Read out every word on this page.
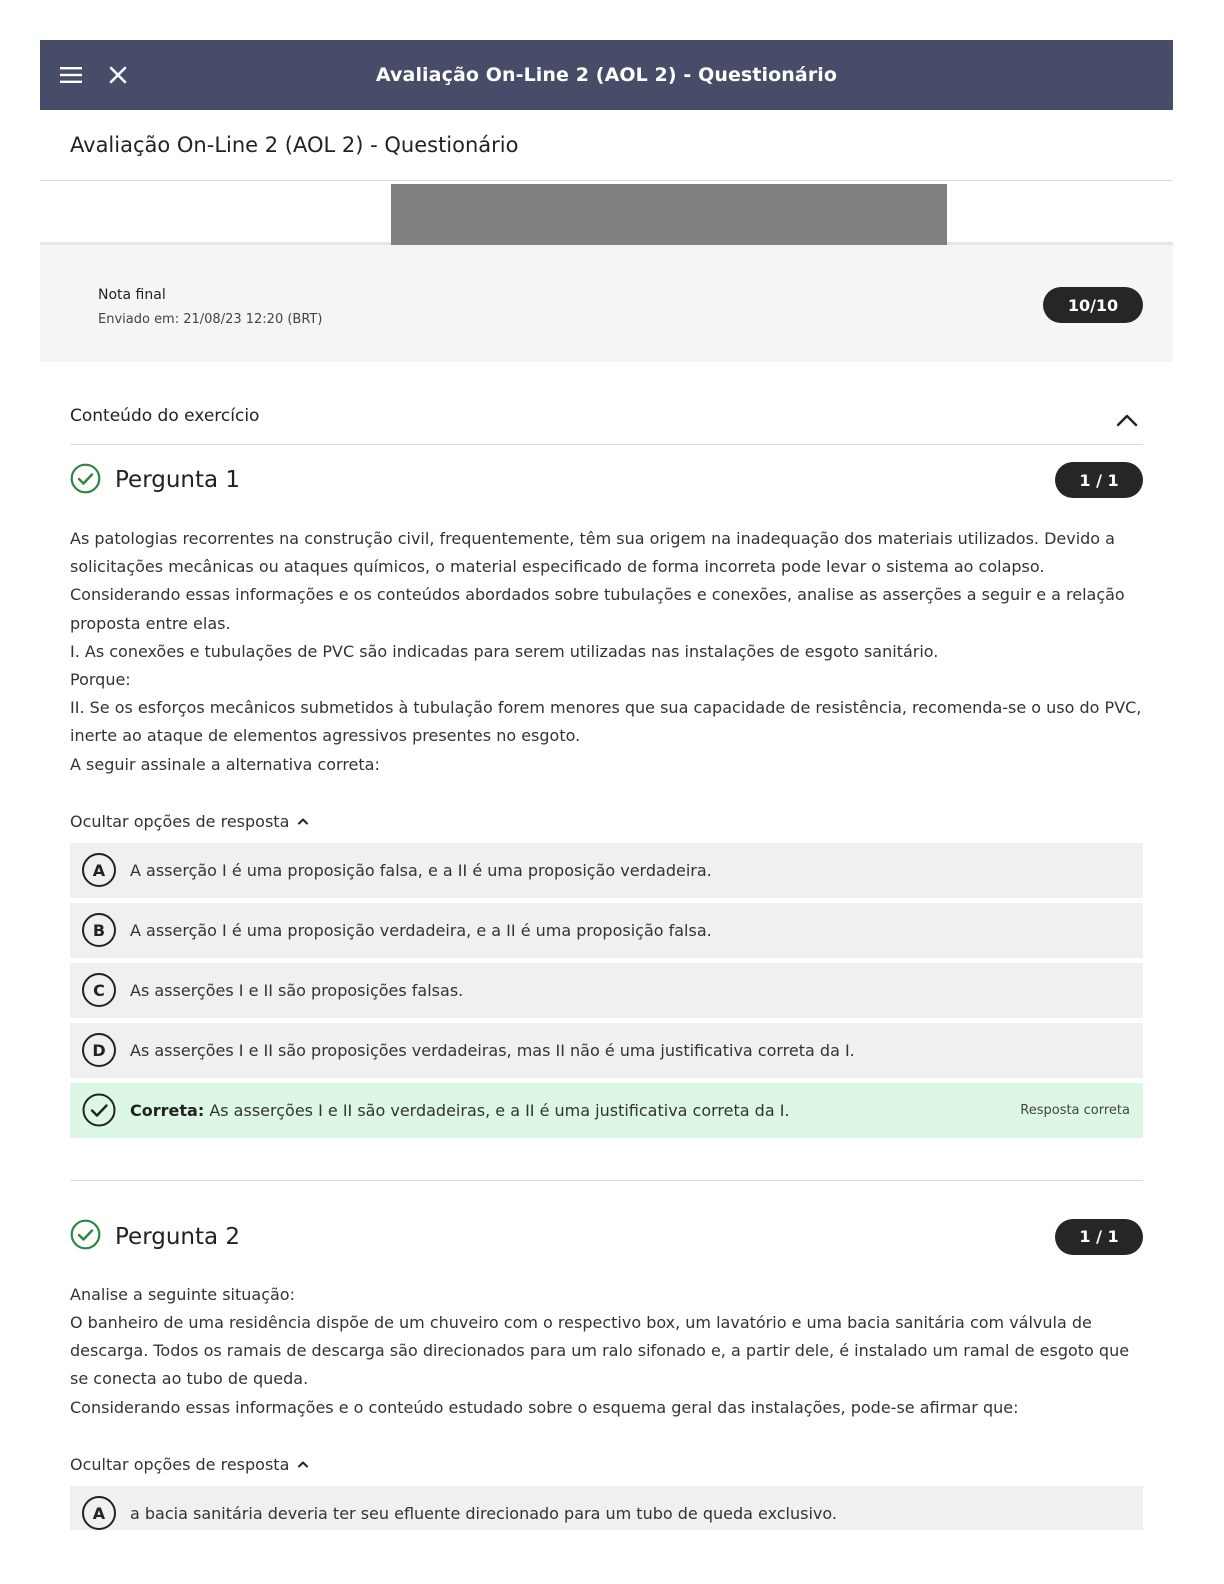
Avaliação On-Line 2 (AOL 2) - Questionário
Avaliação On-Line 2 (AOL 2) - Questionário
Nota final
Enviado em: 21/08/23 12:20 (BRT)
10/10
Conteúdo do exercício
Pergunta 1	1 / 1

As patologias recorrentes na construção civil, frequentemente, têm sua origem na inadequação dos materiais utilizados. Devido a solicitações mecânicas ou ataques químicos, o material especificado de forma incorreta pode levar o sistema ao colapso.

Considerando essas informações e os conteúdos abordados sobre tubulações e conexões, analise as asserções a seguir e a relação proposta entre elas.

I. As conexões e tubulações de PVC são indicadas para serem utilizadas nas instalações de esgoto sanitário.

Porque:

II. Se os esforços mecânicos submetidos à tubulação forem menores que sua capacidade de resistência, recomenda-se o uso do PVC, inerte ao ataque de elementos agressivos presentes no esgoto.

A seguir assinale a alternativa correta:

Ocultar opções de resposta
A	A asserção I é uma proposição falsa, e a II é uma proposição verdadeira.
B	A asserção I é uma proposição verdadeira, e a II é uma proposição falsa.
C	As asserções I e II são proposições falsas.
D	As asserções I e II são proposições verdadeiras, mas II não é uma justificativa correta da I.
Correta: As asserções I e II são verdadeiras, e a II é uma justificativa correta da I.	Resposta correta
Pergunta 2	1 / 1

Analise a seguinte situação:

O banheiro de uma residência dispõe de um chuveiro com o respectivo box, um lavatório e uma bacia sanitária com válvula de descarga. Todos os ramais de descarga são direcionados para um ralo sifonado e, a partir dele, é instalado um ramal de esgoto que se conecta ao tubo de queda.

Considerando essas informações e o conteúdo estudado sobre o esquema geral das instalações, pode-se afirmar que:

Ocultar opções de resposta
A	a bacia sanitária deveria ter seu efluente direcionado para um tubo de queda exclusivo.
